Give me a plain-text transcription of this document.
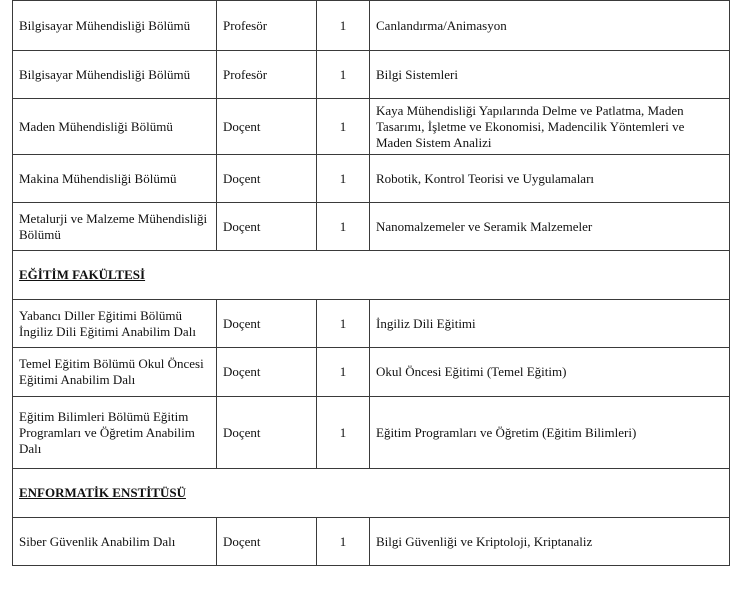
Bilgisayar Mühendisliği Bölümü	Profesör	1	Canlandırma/Animasyon
Bilgisayar Mühendisliği Bölümü	Profesör	1	Bilgi Sistemleri
Maden Mühendisliği Bölümü	Doçent	1	Kaya Mühendisliği Yapılarında Delme ve Patlatma, Maden Tasarımı, İşletme ve Ekonomisi, Madencilik Yöntemleri ve Maden Sistem Analizi
Makina Mühendisliği Bölümü	Doçent	1	Robotik, Kontrol Teorisi ve Uygulamaları
Metalurji ve Malzeme Mühendisliği Bölümü	Doçent	1	Nanomalzemeler ve Seramik Malzemeler
EĞİTİM FAKÜLTESİ			
Yabancı Diller Eğitimi Bölümü İngiliz Dili Eğitimi Anabilim Dalı	Doçent	1	İngiliz Dili Eğitimi
Temel Eğitim Bölümü Okul Öncesi Eğitimi Anabilim Dalı	Doçent	1	Okul Öncesi Eğitimi (Temel Eğitim)
Eğitim Bilimleri Bölümü Eğitim Programları ve Öğretim Anabilim Dalı	Doçent	1	Eğitim Programları ve Öğretim (Eğitim Bilimleri)
ENFORMATİK ENSTİTÜSÜ			
Siber Güvenlik Anabilim Dalı	Doçent	1	Bilgi Güvenliği ve Kriptoloji, Kriptanaliz
